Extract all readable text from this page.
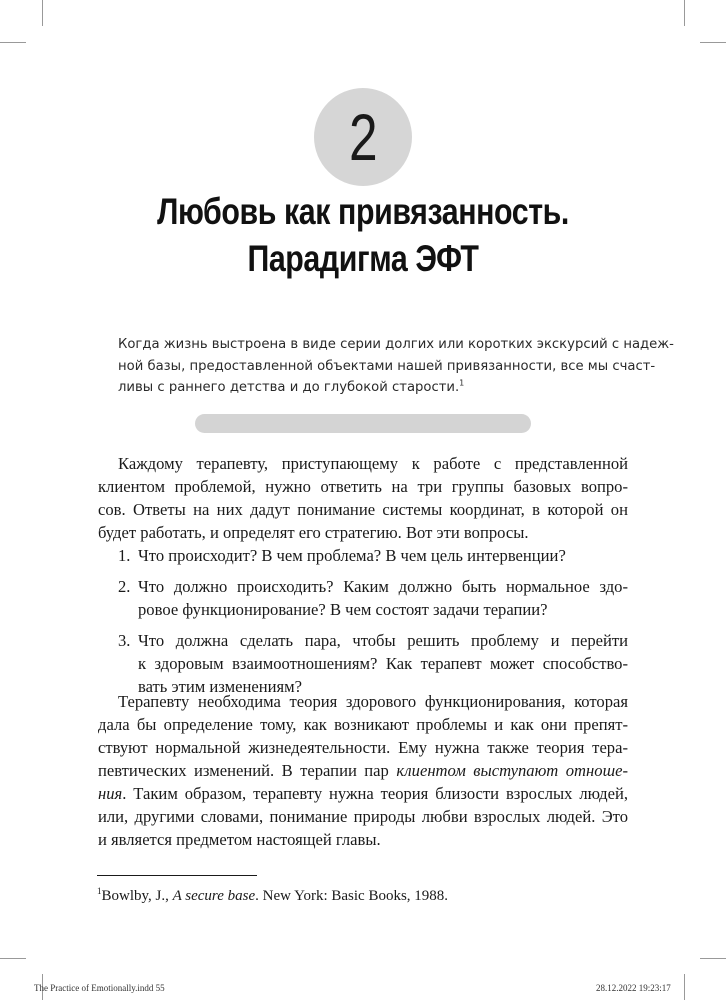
2
Любовь как привязанность.
Парадигма ЭФТ
Когда жизнь выстроена в виде серии долгих или коротких экскурсий с надеж-
ной базы, предоставленной объектами нашей привязанности, все мы счаст-
ливы с раннего детства и до глубокой старости.$^1$
Каждому терапевту, приступающему к работе с представленной
клиентом проблемой, нужно ответить на три группы базовых вопро-
сов. Ответы на них дадут понимание системы координат, в которой он
будет работать, и определят его стратегию. Вот эти вопросы.
1. Что происходит? В чем проблема? В чем цель интервенции?
2. Что должно происходить? Каким должно быть нормальное здо-
ровое функционирование? В чем состоят задачи терапии?
3. Что должна сделать пара, чтобы решить проблему и перейти
к здоровым взаимоотношениям? Как терапевт может способство-
вать этим изменениям?
Терапевту необходима теория здорового функционирования, которая
дала бы определение тому, как возникают проблемы и как они препят-
ствуют нормальной жизнедеятельности. Ему нужна также теория тера-
певтических изменений. В терапии пар клиентом выступают отноше-
ния. Таким образом, терапевту нужна теория близости взрослых людей,
или, другими словами, понимание природы любви взрослых людей. Это
и является предметом настоящей главы.
$^1$Bowlby, J., A secure base. New York: Basic Books, 1988.
The Practice of Emotionally.indd 55	28.12.2022 19:23:17
